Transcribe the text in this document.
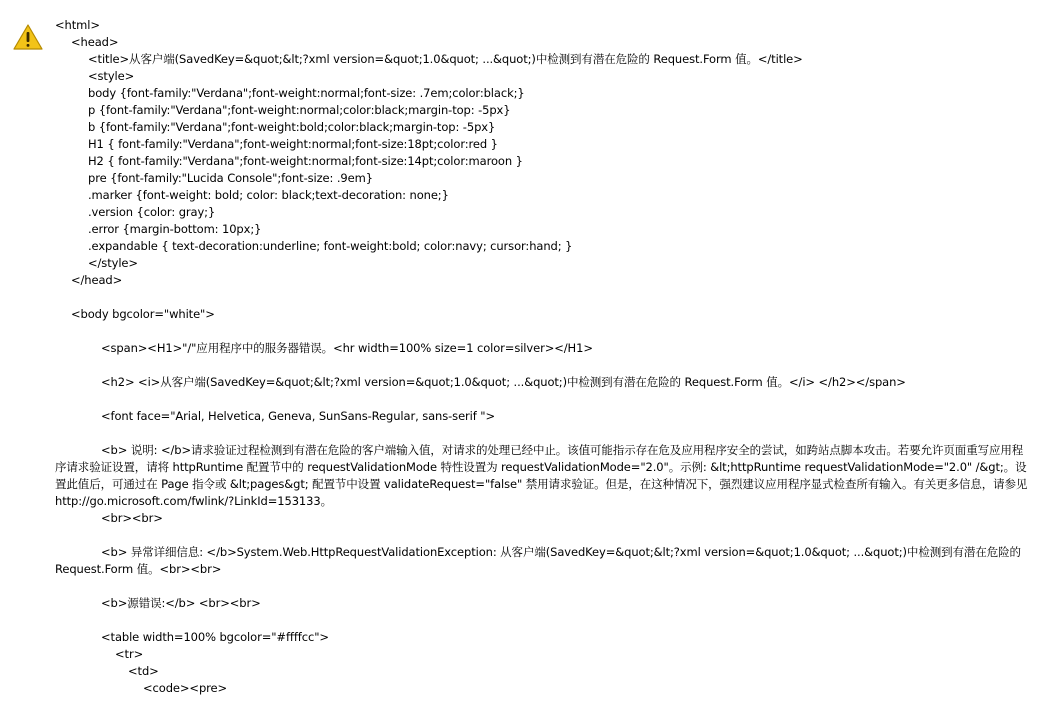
<html>
<head>
<title>从客户端(SavedKey=&quot;&lt;?xml version=&quot;1.0&quot; ...&quot;)中检测到有潜在危险的 Request.Form 值。</title>
<style>
body {font-family:"Verdana";font-weight:normal;font-size: .7em;color:black;}
p {font-family:"Verdana";font-weight:normal;color:black;margin-top: -5px}
b {font-family:"Verdana";font-weight:bold;color:black;margin-top: -5px}
H1 { font-family:"Verdana";font-weight:normal;font-size:18pt;color:red }
H2 { font-family:"Verdana";font-weight:normal;font-size:14pt;color:maroon }
pre {font-family:"Lucida Console";font-size: .9em}
.marker {font-weight: bold; color: black;text-decoration: none;}
.version {color: gray;}
.error {margin-bottom: 10px;}
.expandable { text-decoration:underline; font-weight:bold; color:navy; cursor:hand; }
</style>
</head>
<body bgcolor="white">
<span><H1>"/"应用程序中的服务器错误。<hr width=100% size=1 color=silver></H1>
<h2> <i>从客户端(SavedKey=&quot;&lt;?xml version=&quot;1.0&quot; ...&quot;)中检测到有潜在危险的 Request.Form 值。</i> </h2></span>
<font face="Arial, Helvetica, Geneva, SunSans-Regular, sans-serif ">
<b> 说明: </b>请求验证过程检测到有潜在危险的客户端输入值，对请求的处理已经中止。该值可能指示存在危及应用程序安全的尝试，如跨站点脚本攻击。若要允许页面重写应用程序请求验证设置，请将 httpRuntime 配置节中的 requestValidationMode 特性设置为 requestValidationMode="2.0"。示例: &lt;httpRuntime requestValidationMode="2.0" /&gt;。设置此值后，可通过在 Page 指令或 &lt;pages&gt; 配置节中设置 validateRequest="false" 禁用请求验证。但是，在这种情况下，强烈建议应用程序显式检查所有输入。有关更多信息，请参见 http://go.microsoft.com/fwlink/?LinkId=153133。
<br><br>
<b> 异常详细信息: </b>System.Web.HttpRequestValidationException: 从客户端(SavedKey=&quot;&lt;?xml version=&quot;1.0&quot; ...&quot;)中检测到有潜在危险的 Request.Form 值。<br><br>
<b>源错误:</b> <br><br>
<table width=100% bgcolor="#ffffcc">
<tr>
<td>
<code><pre>
